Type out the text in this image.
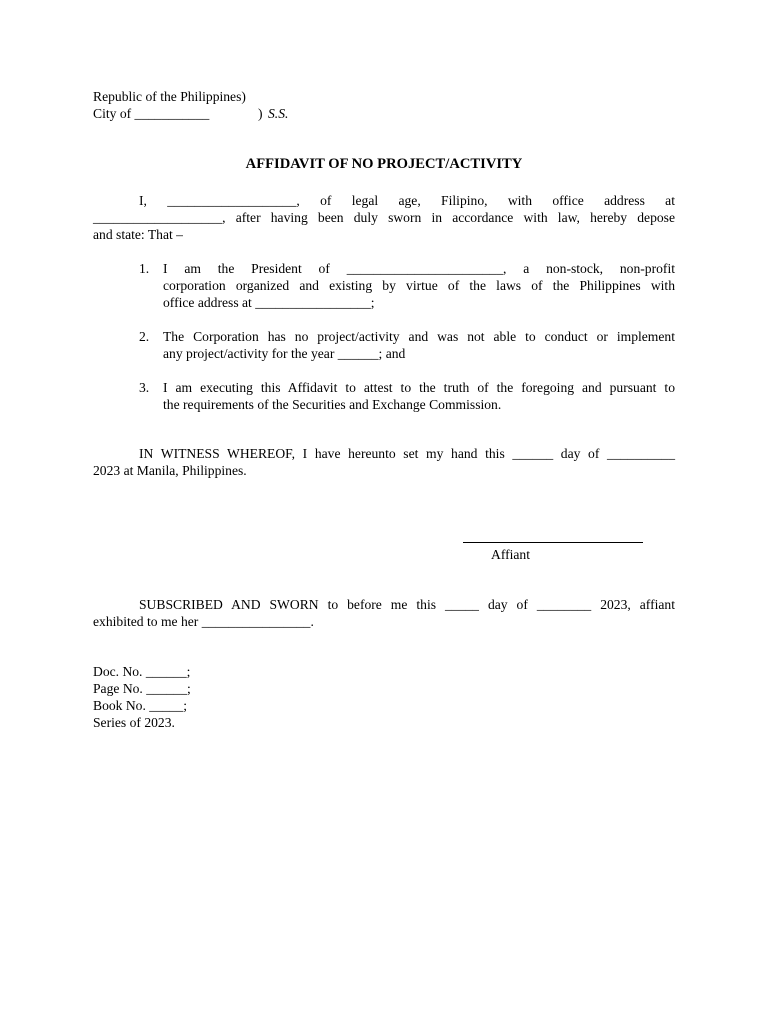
Republic of the Philippines)
City of ___________	) S.S.
AFFIDAVIT OF NO PROJECT/ACTIVITY
I, ___________________, of legal age, Filipino, with office address at
___________________, after having been duly sworn in accordance with law, hereby depose
and state: That –
1. I am the President of _______________________, a non-stock, non-profit
corporation organized and existing by virtue of the laws of the Philippines with
office address at _________________;
2. The Corporation has no project/activity and was not able to conduct or implement
any project/activity for the year ______; and
3. I am executing this Affidavit to attest to the truth of the foregoing and pursuant to
the requirements of the Securities and Exchange Commission.
IN WITNESS WHEREOF, I have hereunto set my hand this ______ day of __________
2023 at Manila, Philippines.
Affiant
SUBSCRIBED AND SWORN to before me this _____ day of ________ 2023, affiant
exhibited to me her ________________.
Doc. No. ______;
Page No. ______;
Book No. _____;
Series of 2023.
